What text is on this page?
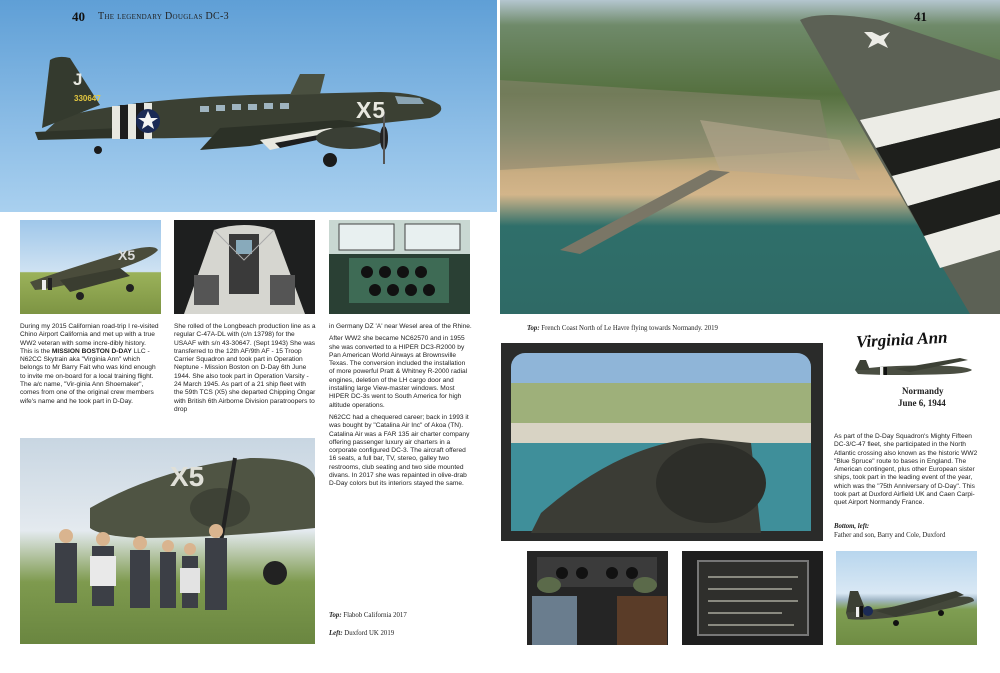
J
330647	X5
40 The legendary Douglas DC-3
X5

During my 2015 Californian road-trip I re-visited Chino Airport California and met up with a true WW2 veteran with some incre-dibly history. This is the MISSION BOSTON D-DAY LLC - N62CC Skytrain aka "Virginia Ann" which belongs to Mr Barry Fait who was kind enough to invite me on-board for a local training flight. The a/c name, "Vir-ginia Ann Shoemaker", comes from one of the original crew members wife's name and he took part in D-Day.

She rolled of the Longbeach production line as a regular C-47A-DL with (c/n 13798) for the USAAF with s/n 43-30647. (Sept 1943) She was transferred to the 12th AF/9th AF - 15 Troop Carrier Squadron and took part in Operation Neptune - Mission Boston on D-Day 6th June 1944. She also took part in Operation Varsity - 24 March 1945. As part of a 21 ship fleet with the 59th TCS (X5) she departed Chipping Ongar with British 6th Airborne Division paratroopers to drop

in Germany DZ 'A' near Wesel area of the Rhine.

After WW2 she became NC62570 and in 1955 she was converted to a HIPER DC3-R2000 by Pan American World Airways at Brownsville Texas. The conversion included the installation of more powerful Pratt & Whitney R-2000 radial engines, deletion of the LH cargo door and installing large View-master windows. Most HIPER DC-3s went to South America for high altitude operations.

N62CC had a chequered career; back in 1993 it was bought by "Catalina Air Inc" of Akoa (TN). Catalina Air was a FAR 135 air charter company offering passenger luxury air charters in a corporate configured DC-3. The aircraft offered 16 seats, a full bar, TV, stereo, galley two restrooms, club seating and two side mounted divans. In 2017 she was repainted in olive-drab D-Day colors but its interiors stayed the same.

X5
Top: Flabob California 2017
Left: Duxford UK 2019
41
Top: French Coast North of Le Havre flying towards Normandy. 2019	Virginia Ann
Normandy
June 6, 1944

As part of the D-Day Squadron's Mighty Fifteen DC-3/C-47 fleet, she participated in the North Atlantic crossing also known as the historic WW2 "Blue Spruce" route to bases in England. The American contingent, plus other European sister ships, took part in the leading event of the year, which was the "75th Anniversary of D-Day". This took part at Duxford Airfield UK and Caen Carpi-quet Airport Normandy France.

Bottom, left:
Father and son, Barry and Cole, Duxford
